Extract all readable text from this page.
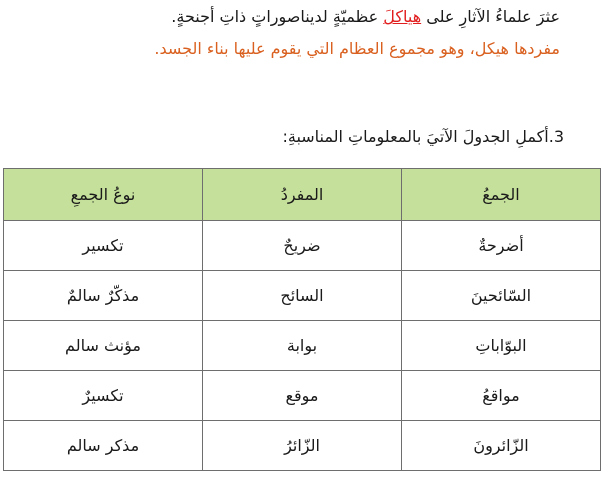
عثرَ علماءُ الآثارِ على هياكلَ عظميّةٍ لديناصوراتٍ ذاتِ أجنحةٍ.
مفردها هيكل، وهو مجموع العظام التي يقوم عليها بناء الجسد.
3.أكملِ الجدولَ الآتيَ بالمعلوماتِ المناسبةِ:
الجمعُ	المفردُ	نوعُ الجمعِ
أضرحةٌ	ضريحٌ	تكسير
السّائحينَ	السائح	مذكّرٌ سالمٌ
البوّاباتِ	بوابة	مؤنث سالم
مواقعُ	موقع	تكسيرٌ
الزّائرونَ	الزّائرُ	مذكر سالم
